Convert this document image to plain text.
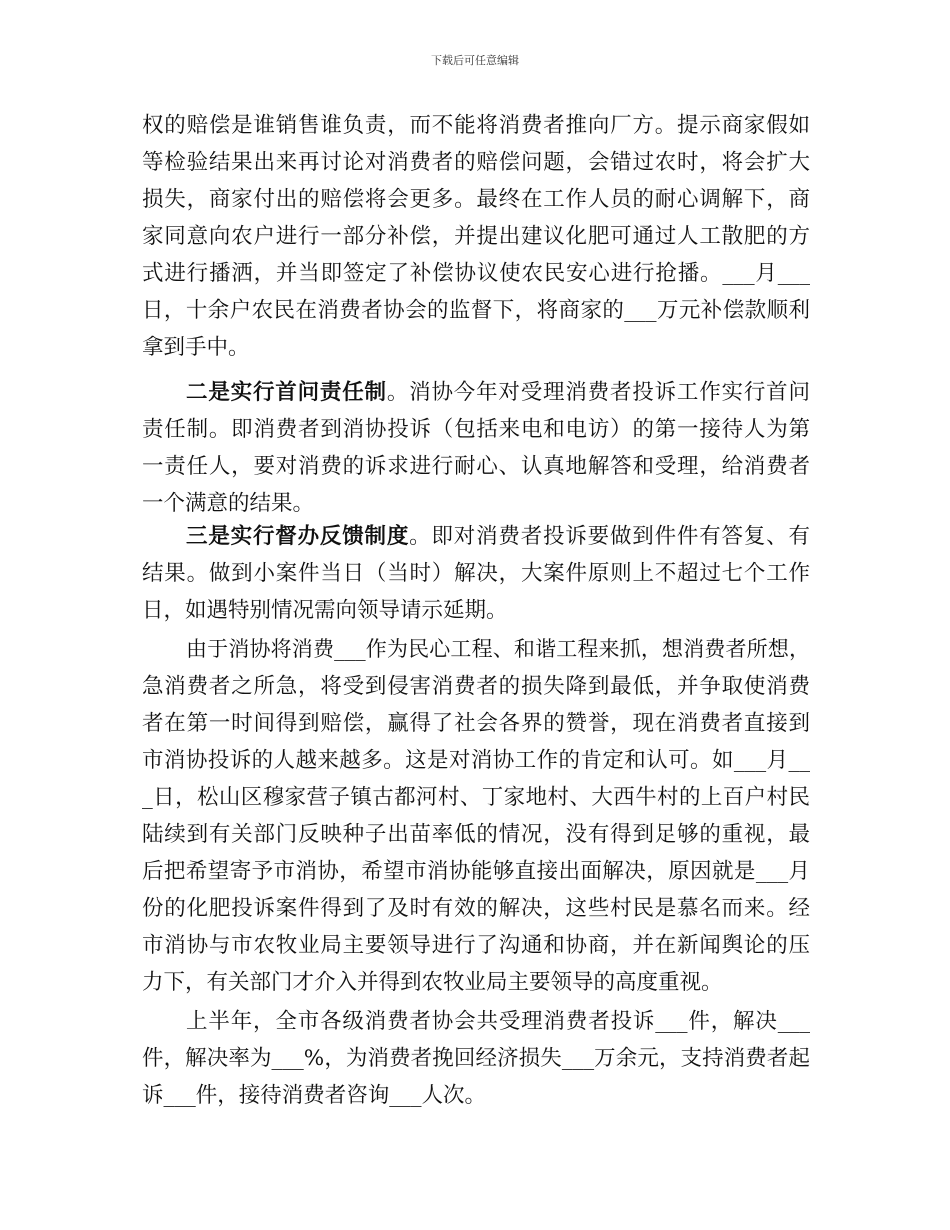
下载后可任意编辑
权的赔偿是谁销售谁负责，而不能将消费者推向厂方。提示商家假如
等检验结果出来再讨论对消费者的赔偿问题，会错过农时，将会扩大
损失，商家付出的赔偿将会更多。最终在工作人员的耐心调解下，商
家同意向农户进行一部分补偿，并提出建议化肥可通过人工散肥的方
式进行播洒，并当即签定了补偿协议使农民安心进行抢播。___月___
日，十余户农民在消费者协会的监督下，将商家的___万元补偿款顺利
拿到手中。
二是实行首问责任制。消协今年对受理消费者投诉工作实行首问
责任制。即消费者到消协投诉（包括来电和电访）的第一接待人为第
一责任人，要对消费的诉求进行耐心、认真地解答和受理，给消费者
一个满意的结果。
三是实行督办反馈制度。即对消费者投诉要做到件件有答复、有
结果。做到小案件当日（当时）解决，大案件原则上不超过七个工作
日，如遇特别情况需向领导请示延期。
由于消协将消费___作为民心工程、和谐工程来抓，想消费者所想，
急消费者之所急，将受到侵害消费者的损失降到最低，并争取使消费
者在第一时间得到赔偿，赢得了社会各界的赞誉，现在消费者直接到
市消协投诉的人越来越多。这是对消协工作的肯定和认可。如___月__
_日，松山区穆家营子镇古都河村、丁家地村、大西牛村的上百户村民
陆续到有关部门反映种子出苗率低的情况，没有得到足够的重视，最
后把希望寄予市消协，希望市消协能够直接出面解决，原因就是___月
份的化肥投诉案件得到了及时有效的解决，这些村民是慕名而来。经
市消协与市农牧业局主要领导进行了沟通和协商，并在新闻舆论的压
力下，有关部门才介入并得到农牧业局主要领导的高度重视。
上半年，全市各级消费者协会共受理消费者投诉___件，解决___
件，解决率为___%，为消费者挽回经济损失___万余元，支持消费者起
诉___件，接待消费者咨询___人次。
